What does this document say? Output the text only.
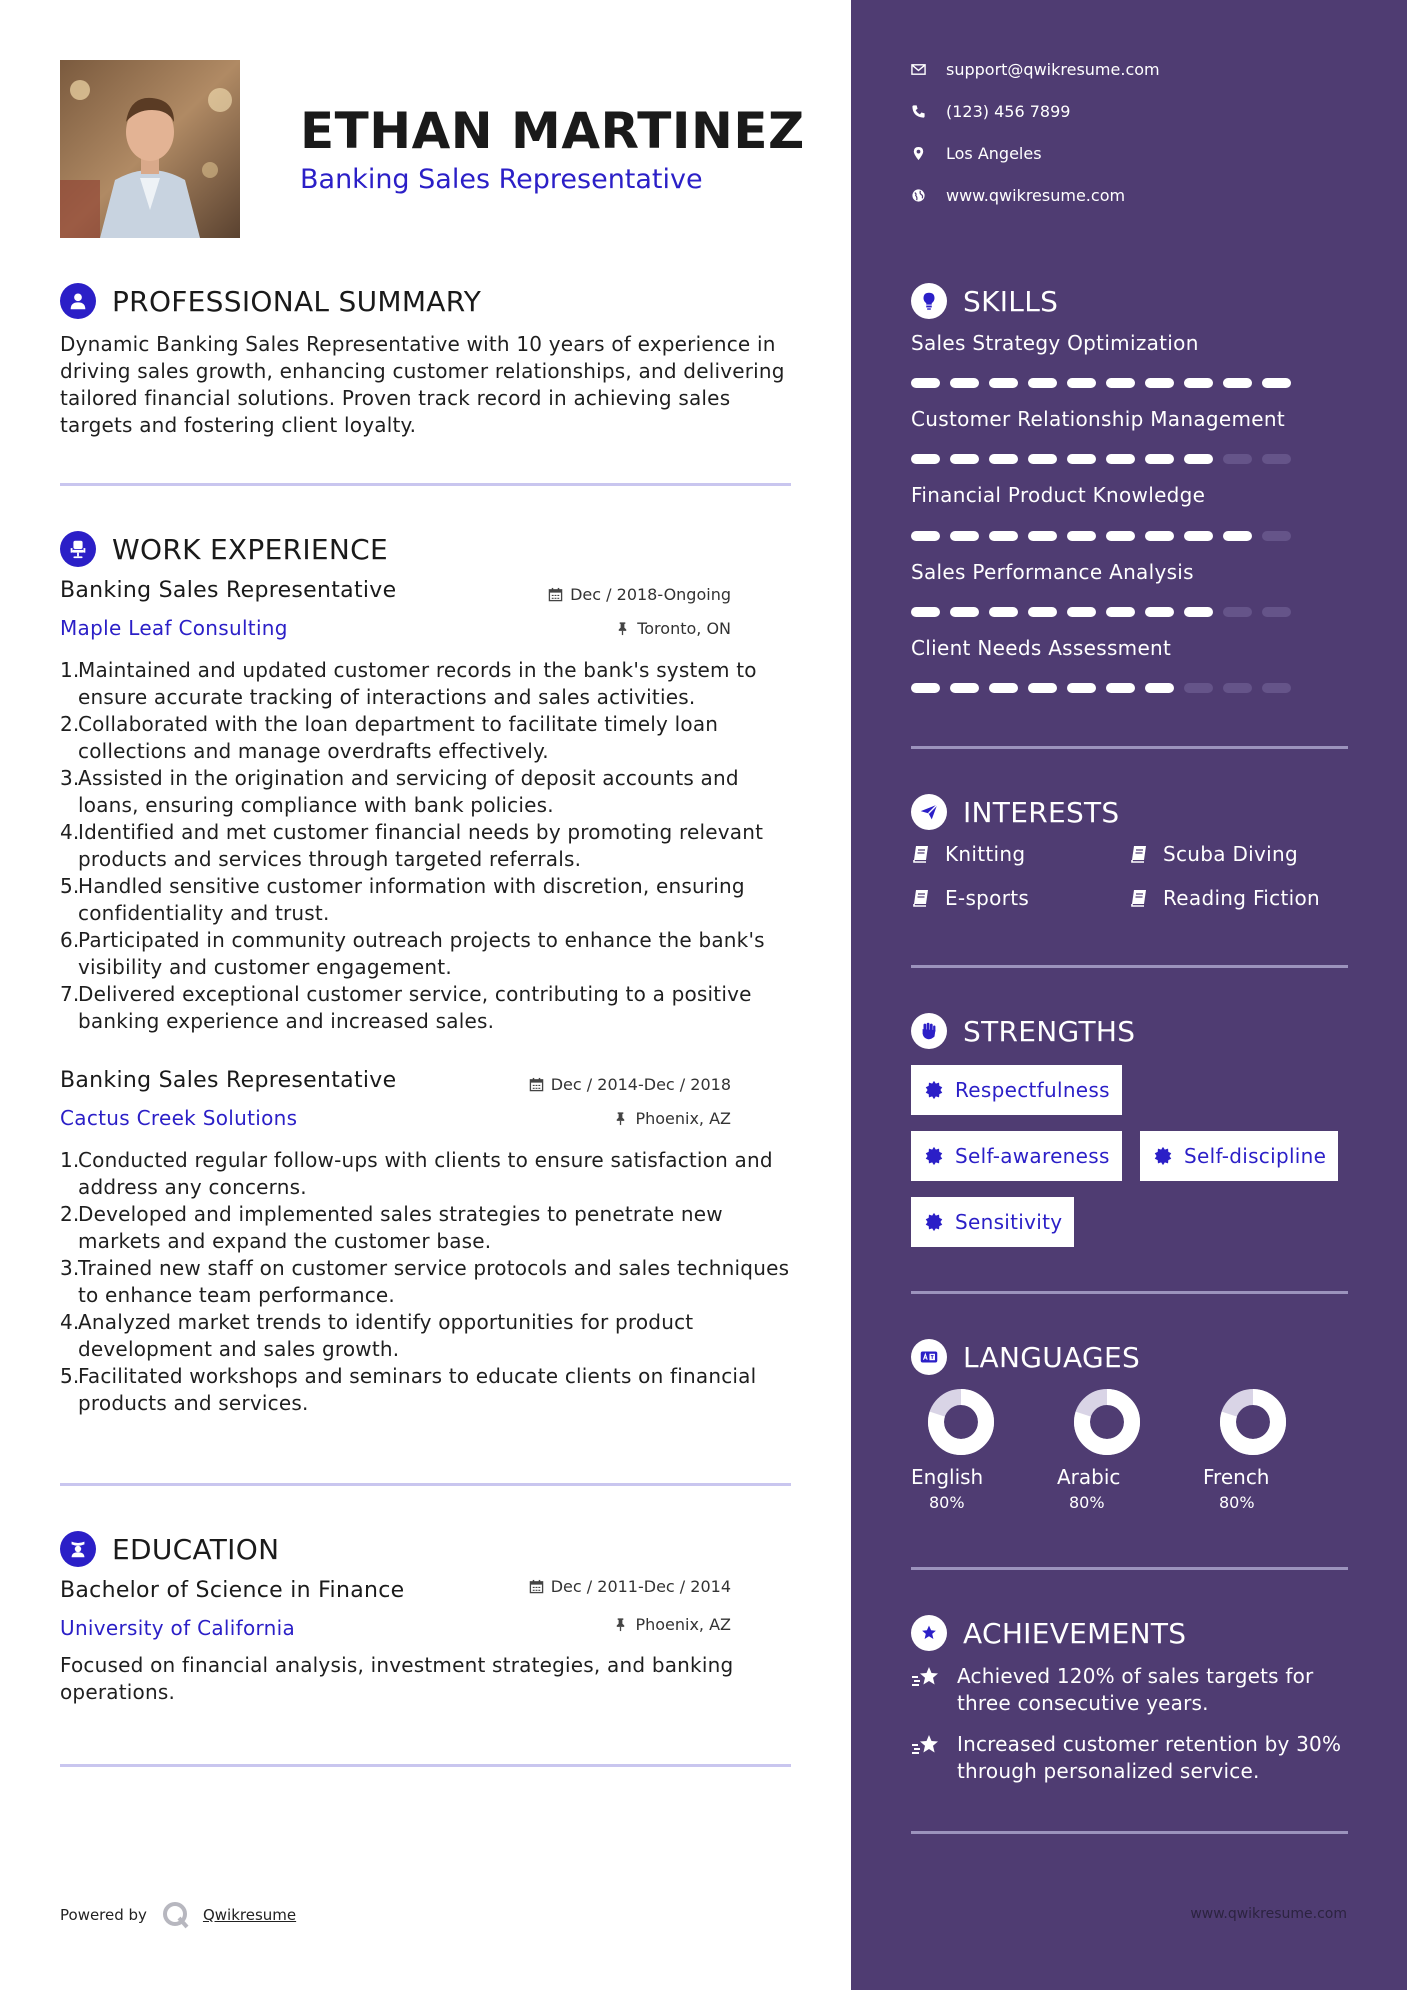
ETHAN MARTINEZ
Banking Sales Representative
PROFESSIONAL SUMMARY
Dynamic Banking Sales Representative with 10 years of experience in driving sales growth, enhancing customer relationships, and delivering tailored financial solutions. Proven track record in achieving sales targets and fostering client loyalty.
WORK EXPERIENCE
Banking Sales Representative	Dec / 2018-Ongoing
Maple Leaf Consulting	Toronto, ON
1.
Maintained and updated customer records in the bank's system to ensure accurate tracking of interactions and sales activities.
2.
Collaborated with the loan department to facilitate timely loan collections and manage overdrafts effectively.
3.
Assisted in the origination and servicing of deposit accounts and loans, ensuring compliance with bank policies.
4.
Identified and met customer financial needs by promoting relevant products and services through targeted referrals.
5.
Handled sensitive customer information with discretion, ensuring confidentiality and trust.
6.
Participated in community outreach projects to enhance the bank's visibility and customer engagement.
7.
Delivered exceptional customer service, contributing to a positive banking experience and increased sales.
Banking Sales Representative	Dec / 2014-Dec / 2018
Cactus Creek Solutions	Phoenix, AZ
1.
Conducted regular follow-ups with clients to ensure satisfaction and address any concerns.
2.
Developed and implemented sales strategies to penetrate new markets and expand the customer base.
3.
Trained new staff on customer service protocols and sales techniques to enhance team performance.
4.
Analyzed market trends to identify opportunities for product development and sales growth.
5.
Facilitated workshops and seminars to educate clients on financial products and services.
EDUCATION
Bachelor of Science in Finance	Dec / 2011-Dec / 2014
University of California	Phoenix, AZ
Focused on financial analysis, investment strategies, and banking operations.
Powered by	Qwikresume
support@qwikresume.com
(123) 456 7899
Los Angeles
www.qwikresume.com
SKILLS
Sales Strategy Optimization
Customer Relationship Management
Financial Product Knowledge
Sales Performance Analysis
Client Needs Assessment
INTERESTS
Knitting	Scuba Diving
E-sports	Reading Fiction
STRENGTHS
Respectfulness
Self-awareness	Self-discipline
Sensitivity
LANGUAGES
English
80%
Arabic
80%
French
80%
ACHIEVEMENTS
Achieved 120% of sales targets for three consecutive years.
Increased customer retention by 30% through personalized service.
www.qwikresume.com
